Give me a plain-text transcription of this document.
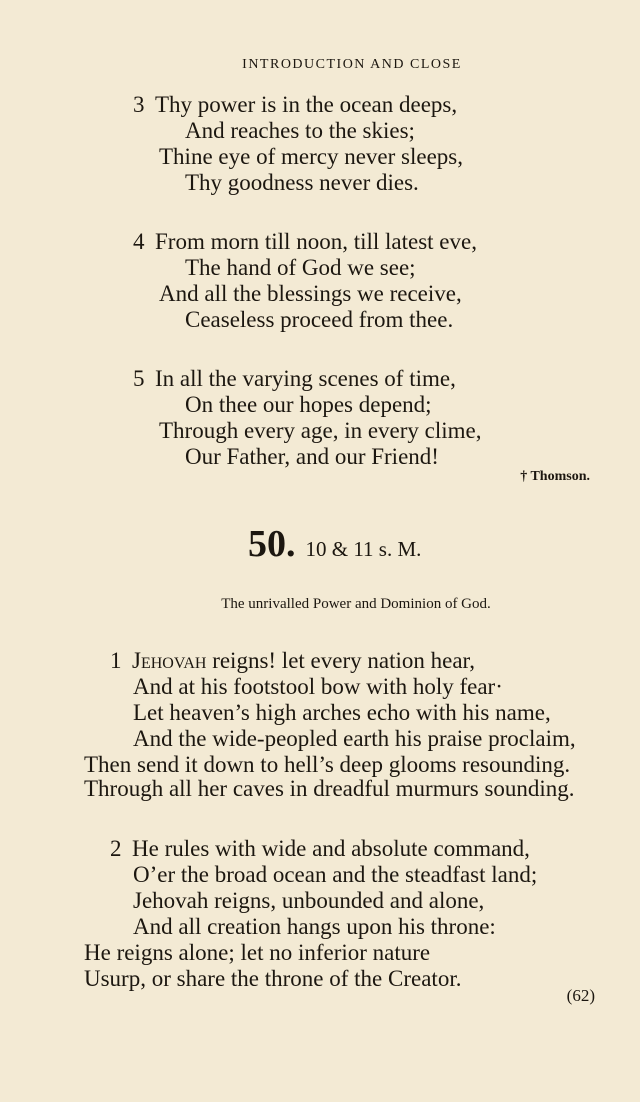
INTRODUCTION AND CLOSE
3 Thy power is in the ocean deeps,
And reaches to the skies;
Thine eye of mercy never sleeps,
Thy goodness never dies.
4 From morn till noon, till latest eve,
The hand of God we see;
And all the blessings we receive,
Ceaseless proceed from thee.
5 In all the varying scenes of time,
On thee our hopes depend;
Through every age, in every clime,
Our Father, and our Friend!
† Thomson.
50. 10 & 11 s. M.
The unrivalled Power and Dominion of God.
1 Jehovah reigns! let every nation hear,
And at his footstool bow with holy fear·
Let heaven’s high arches echo with his name,
And the wide-peopled earth his praise proclaim,
Then send it down to hell’s deep glooms resounding.
Through all her caves in dreadful murmurs sounding.
2 He rules with wide and absolute command,
O’er the broad ocean and the steadfast land;
Jehovah reigns, unbounded and alone,
And all creation hangs upon his throne:
He reigns alone; let no inferior nature
Usurp, or share the throne of the Creator.
(62)
